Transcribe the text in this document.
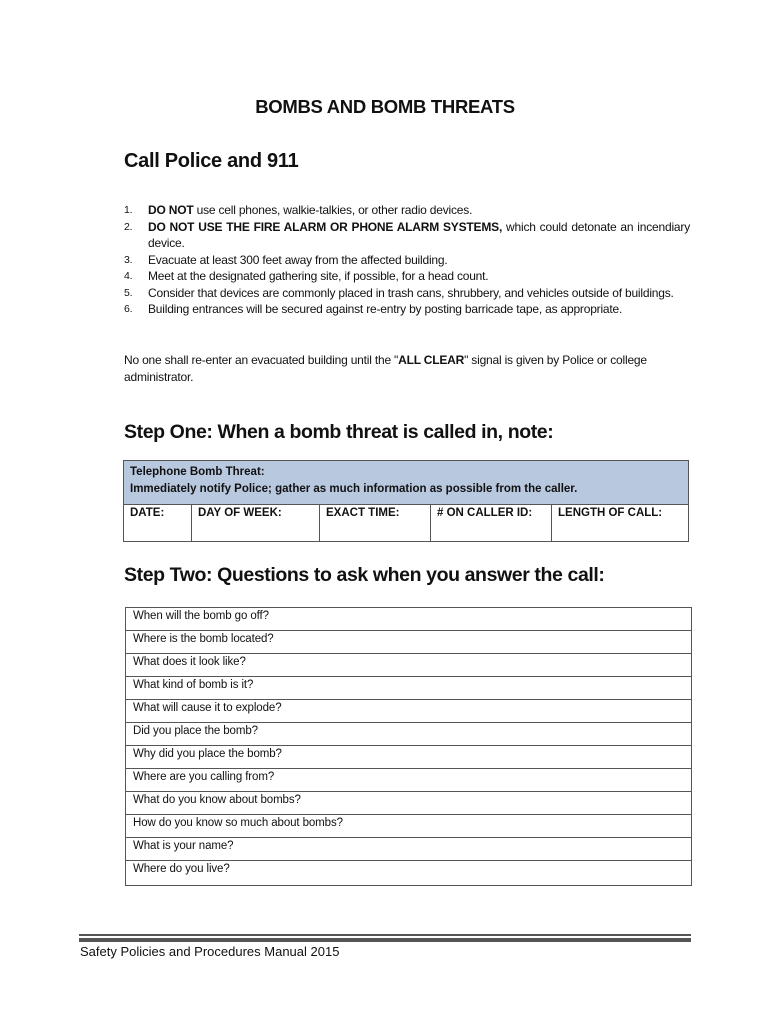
BOMBS AND BOMB THREATS
Call Police and 911
1. DO NOT use cell phones, walkie-talkies, or other radio devices.
2. DO NOT USE THE FIRE ALARM OR PHONE ALARM SYSTEMS, which could detonate an incendiary device.
3. Evacuate at least 300 feet away from the affected building.
4. Meet at the designated gathering site, if possible, for a head count.
5. Consider that devices are commonly placed in trash cans, shrubbery, and vehicles outside of buildings.
6. Building entrances will be secured against re-entry by posting barricade tape, as appropriate.

No one shall re-enter an evacuated building until the "ALL CLEAR" signal is given by Police or college administrator.

Step One: When a bomb threat is called in, note:
Telephone Bomb Threat:
Immediately notify Police; gather as much information as possible from the caller.
DATE:	DAY OF WEEK:	EXACT TIME:	# ON CALLER ID:	LENGTH OF CALL:
Step Two: Questions to ask when you answer the call:
When will the bomb go off?
Where is the bomb located?
What does it look like?
What kind of bomb is it?
What will cause it to explode?
Did you place the bomb?
Why did you place the bomb?
Where are you calling from?
What do you know about bombs?
How do you know so much about bombs?
What is your name?
Where do you live?

Safety Policies and Procedures Manual 2015
